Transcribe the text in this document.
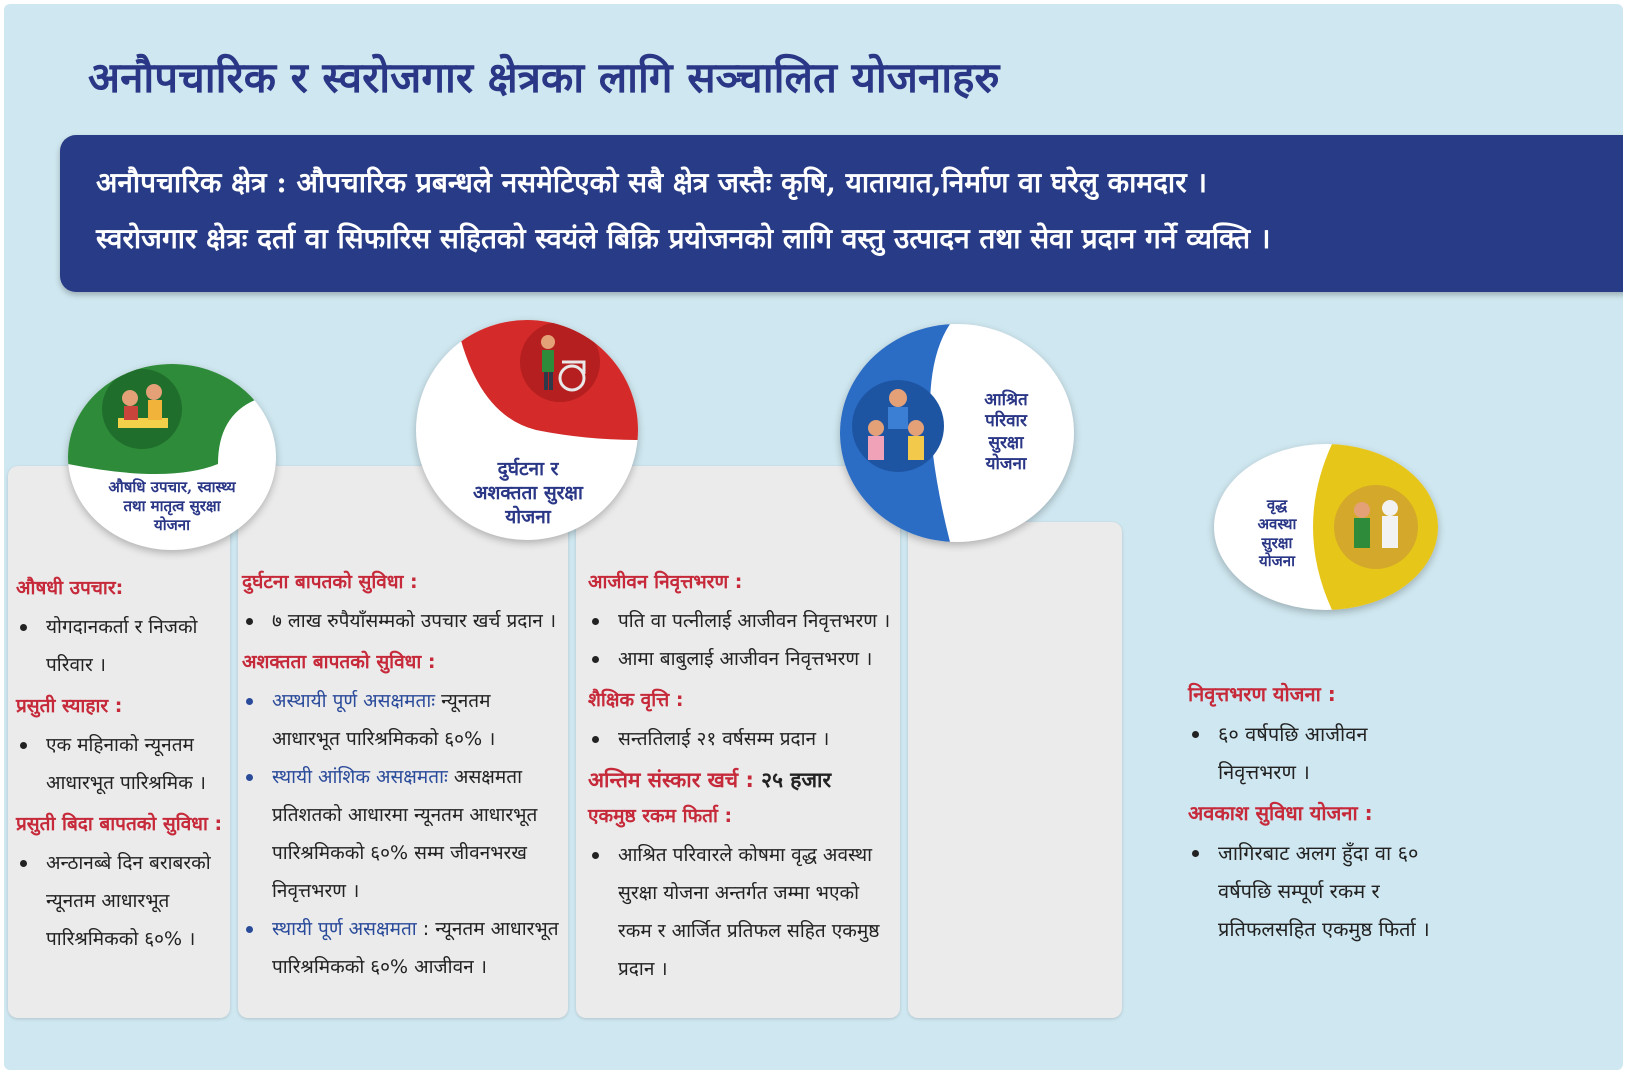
अनौपचारिक र स्वरोजगार क्षेत्रका लागि सञ्चालित योजनाहरु

अनौपचारिक क्षेत्र : औपचारिक प्रबन्धले नसमेटिएको सबै क्षेत्र जस्तैः कृषि, यातायात,निर्माण वा घरेलु कामदार ।

स्वरोजगार क्षेत्रः दर्ता वा सिफारिस सहितको स्वयंले बिक्रि प्रयोजनको लागि वस्तु उत्पादन तथा सेवा प्रदान गर्ने व्यक्ति ।

औषधि उपचार, स्वास्थ्य
तथा मातृत्व सुरक्षा
योजना
दुर्घटना र
अशक्तता सुरक्षा
योजना
आश्रित
परिवार
सुरक्षा
योजना
वृद्ध
अवस्था
सुरक्षा
योजना
औषधी उपचार:
योगदानकर्ता र निजको परिवार ।
प्रसुती स्याहार :
एक महिनाको न्यूनतम आधारभूत पारिश्रमिक ।
प्रसुती बिदा बापतको सुविधा :
अन्ठानब्बे दिन बराबरको न्यूनतम आधारभूत पारिश्रमिकको ६०% ।
दुर्घटना बापतको सुविधा :
७ लाख रुपैयाँसम्मको उपचार खर्च प्रदान ।
अशक्तता बापतको सुविधा :
अस्थायी पूर्ण असक्षमताः न्यूनतम आधारभूत पारिश्रमिकको ६०% ।
स्थायी आंशिक असक्षमताः असक्षमता प्रतिशतको आधारमा न्यूनतम आधारभूत पारिश्रमिकको ६०% सम्म जीवनभरख निवृत्तभरण ।
स्थायी पूर्ण असक्षमता : न्यूनतम आधारभूत पारिश्रमिकको ६०% आजीवन ।
आजीवन निवृत्तभरण :
पति वा पत्नीलाई आजीवन निवृत्तभरण ।
आमा बाबुलाई आजीवन निवृत्तभरण ।
शैक्षिक वृत्ति :
सन्ततिलाई २१ वर्षसम्म प्रदान ।
अन्तिम संस्कार खर्च : २५ हजार
एकमुष्ठ रकम फिर्ता :
आश्रित परिवारले कोषमा वृद्ध अवस्था सुरक्षा योजना अन्तर्गत जम्मा भएको रकम र आर्जित प्रतिफल सहित एकमुष्ठ प्रदान ।
निवृत्तभरण योजना :
६० वर्षपछि आजीवन निवृत्तभरण ।
अवकाश सुविधा योजना :
जागिरबाट अलग हुँदा वा ६० वर्षपछि सम्पूर्ण रकम र प्रतिफलसहित एकमुष्ठ फिर्ता ।
